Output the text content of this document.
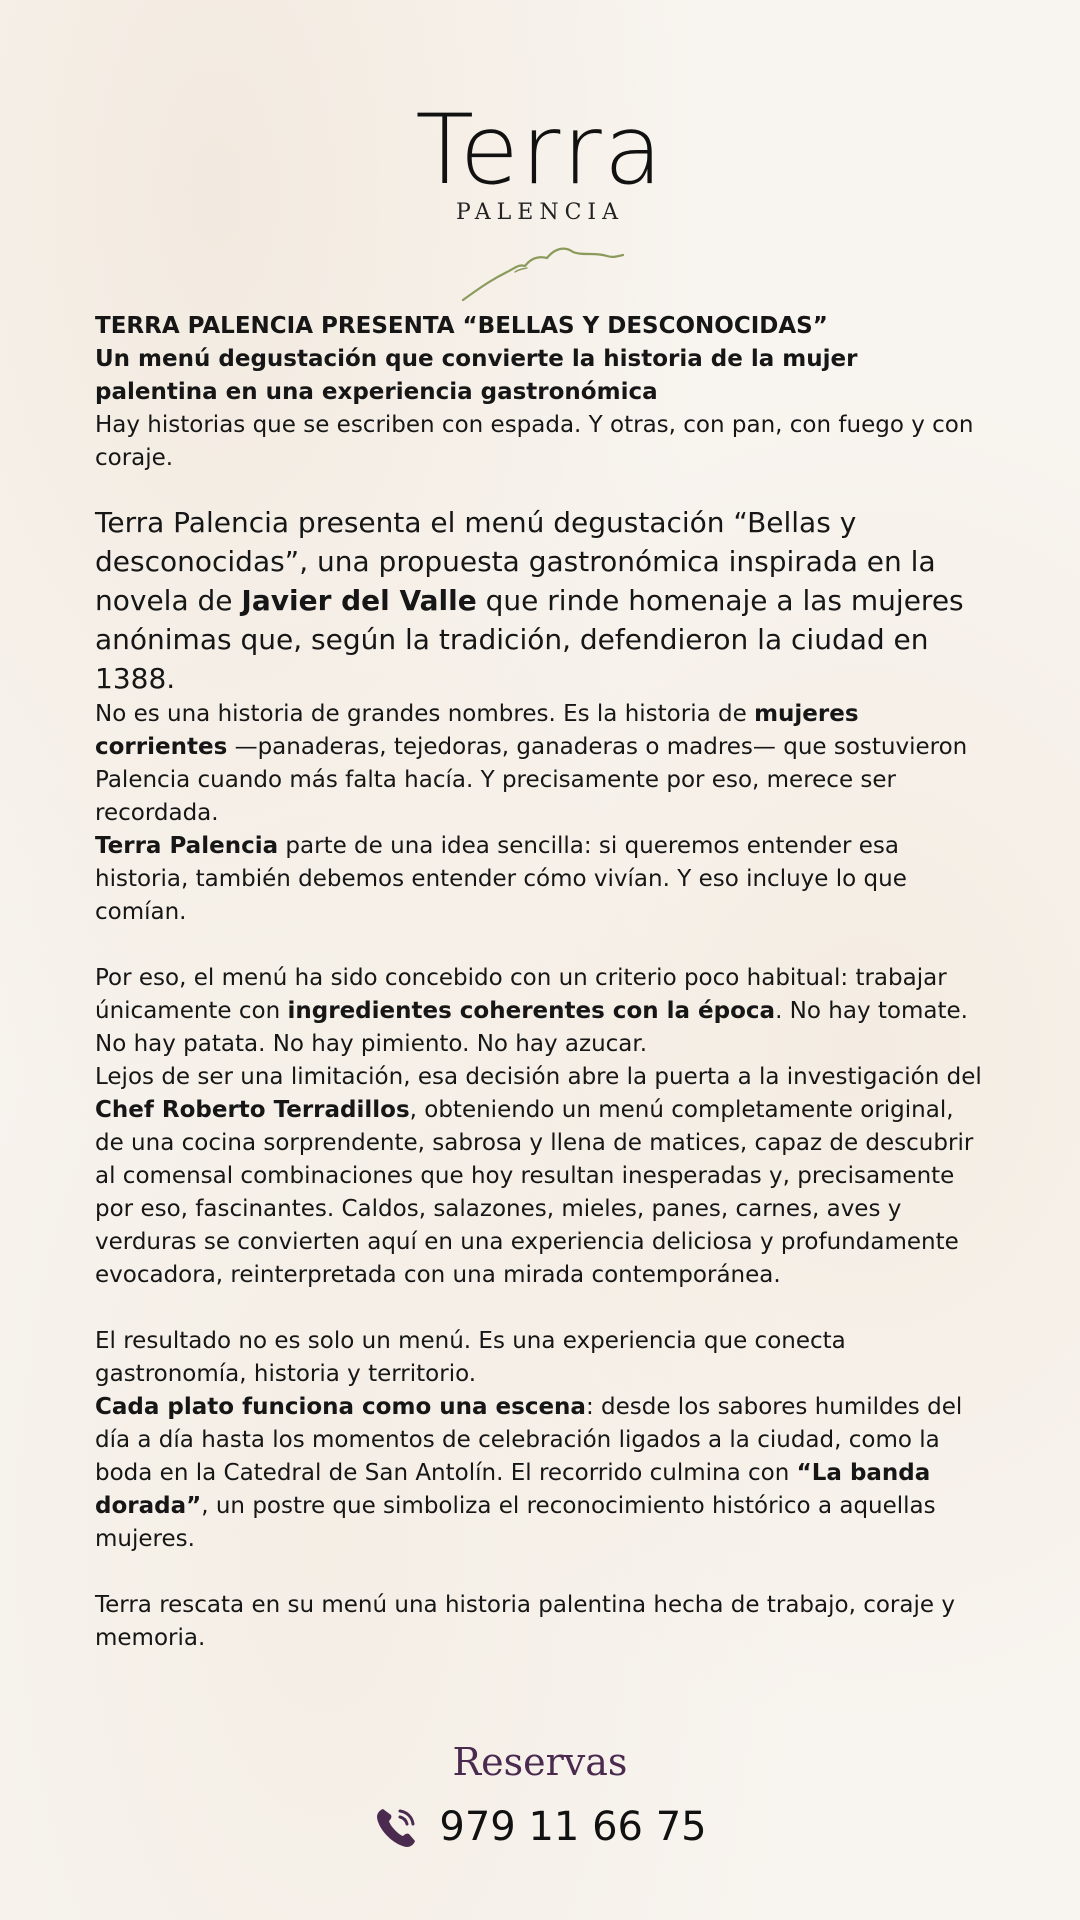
Terra
PALENCIA

TERRA PALENCIA PRESENTA “BELLAS Y DESCONOCIDAS”

Un menú degustación que convierte la historia de la mujer palentina en una experiencia gastronómica

Hay historias que se escriben con espada. Y otras, con pan, con fuego y con coraje.

Terra Palencia presenta el menú degustación “Bellas y desconocidas”, una propuesta gastronómica inspirada en la novela de Javier del Valle que rinde homenaje a las mujeres anónimas que, según la tradición, defendieron la ciudad en 1388.

No es una historia de grandes nombres. Es la historia de mujeres corrientes —panaderas, tejedoras, ganaderas o madres— que sostuvieron Palencia cuando más falta hacía. Y precisamente por eso, merece ser recordada.

Terra Palencia parte de una idea sencilla: si queremos entender esa historia, también debemos entender cómo vivían. Y eso incluye lo que comían.

Por eso, el menú ha sido concebido con un criterio poco habitual: trabajar únicamente con ingredientes coherentes con la época. No hay tomate. No hay patata. No hay pimiento. No hay azucar.

Lejos de ser una limitación, esa decisión abre la puerta a la investigación del Chef Roberto Terradillos, obteniendo un menú completamente original, de una cocina sorprendente, sabrosa y llena de matices, capaz de descubrir al comensal combinaciones que hoy resultan inesperadas y, precisamente por eso, fascinantes. Caldos, salazones, mieles, panes, carnes, aves y verduras se convierten aquí en una experiencia deliciosa y profundamente evocadora, reinterpretada con una mirada contemporánea.

El resultado no es solo un menú. Es una experiencia que conecta gastronomía, historia y territorio.

Cada plato funciona como una escena: desde los sabores humildes del día a día hasta los momentos de celebración ligados a la ciudad, como la boda en la Catedral de San Antolín. El recorrido culmina con “La banda dorada”, un postre que simboliza el reconocimiento histórico a aquellas mujeres.

Terra rescata en su menú una historia palentina hecha de trabajo, coraje y memoria.

Reservas
979 11 66 75
